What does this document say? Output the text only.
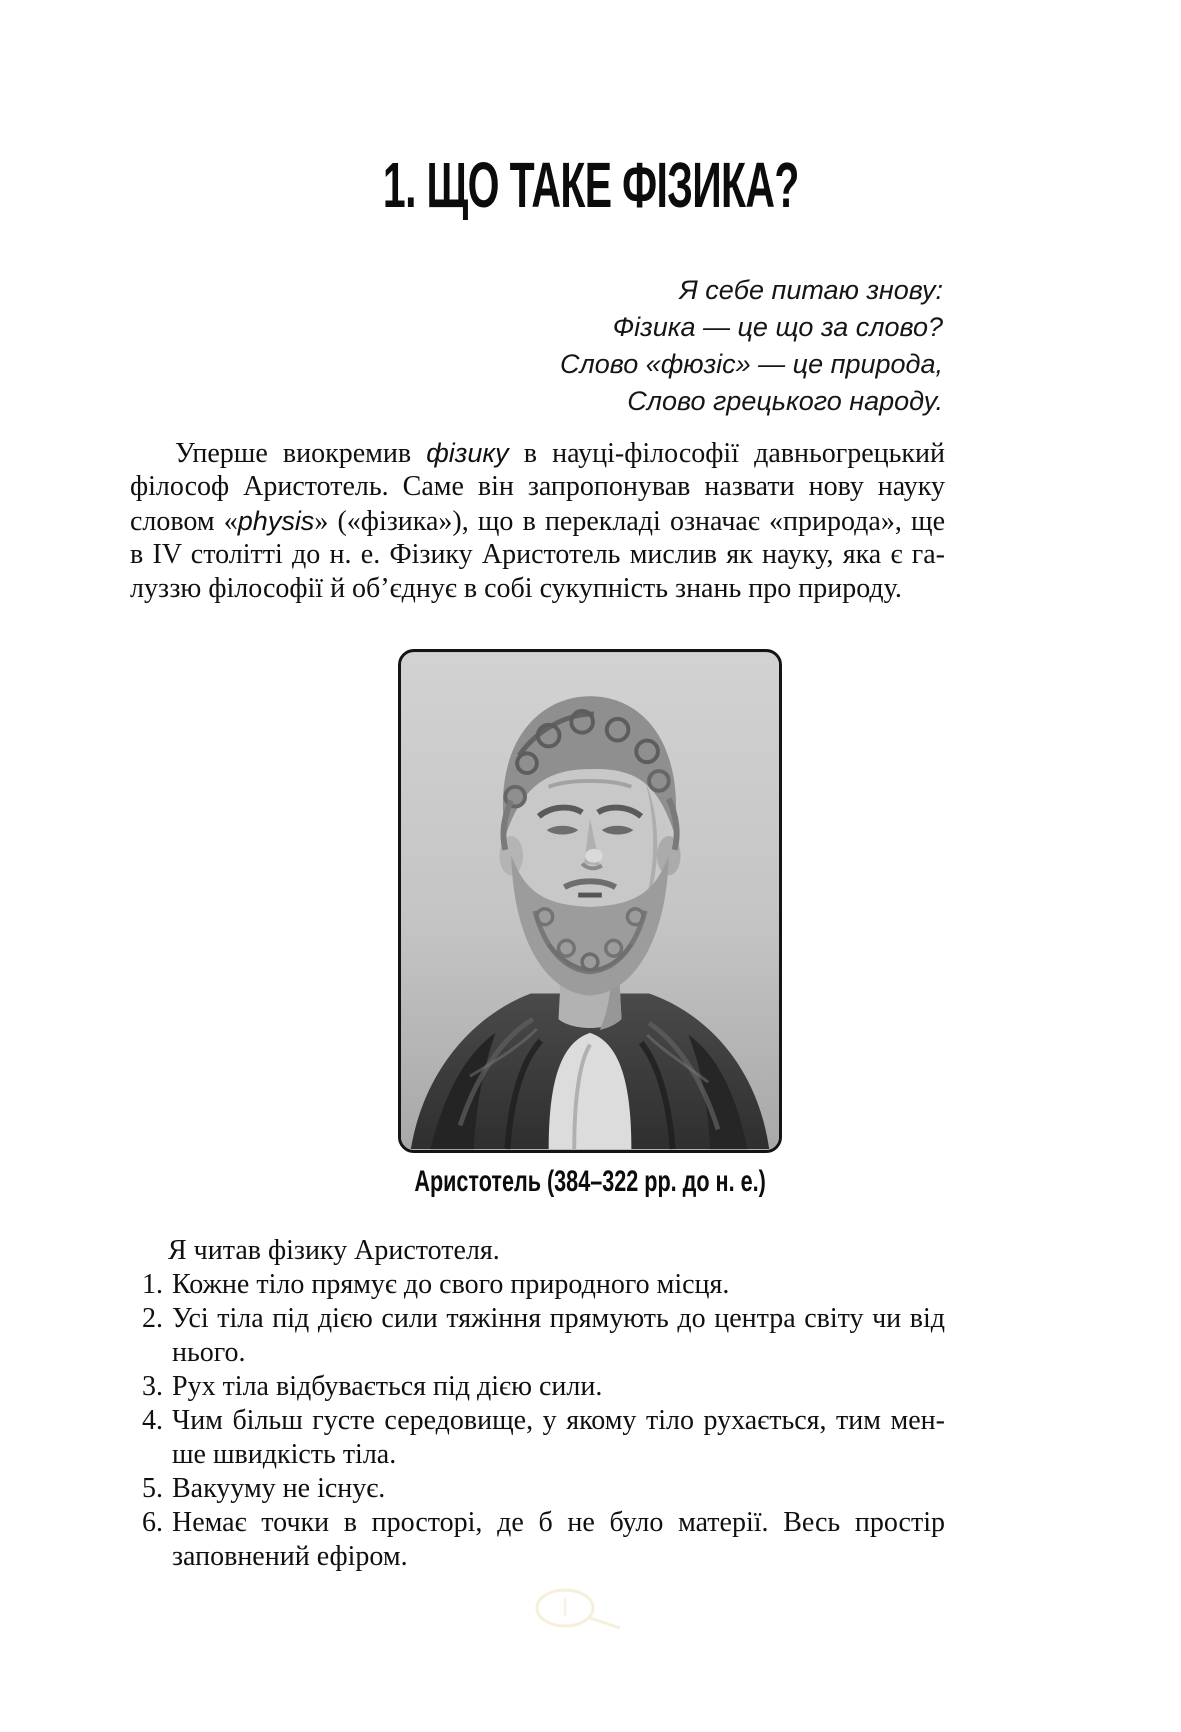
1. ЩО ТАКЕ ФІЗИКА?
Я себе питаю знову:
Фізика — це що за слово?
Слово «фюзіс» — це природа,
Слово грецького народу.
Уперше виокремив фізику в науці-філософії давньогрецький
філософ Аристотель. Саме він запропонував назвати нову науку
словом «physis» («фізика»), що в перекладі означає «природа», ще
в IV столітті до н. е. Фізику Аристотель мислив як науку, яка є га-
луззю філософії й об’єднує в собі сукупність знань про природу.
Аристотель (384–322 рр. до н. е.)
Я читав фізику Аристотеля.
1. Кожне тіло прямує до свого природного місця.
2. Усі тіла під дією сили тяжіння прямують до центра світу чи від
нього.
3. Рух тіла відбувається під дією сили.
4. Чим більш густе середовище, у якому тіло рухається, тим мен-
ше швидкість тіла.
5. Вакууму не існує.
6. Немає точки в просторі, де б не було матерії. Весь простір
заповнений ефіром.
